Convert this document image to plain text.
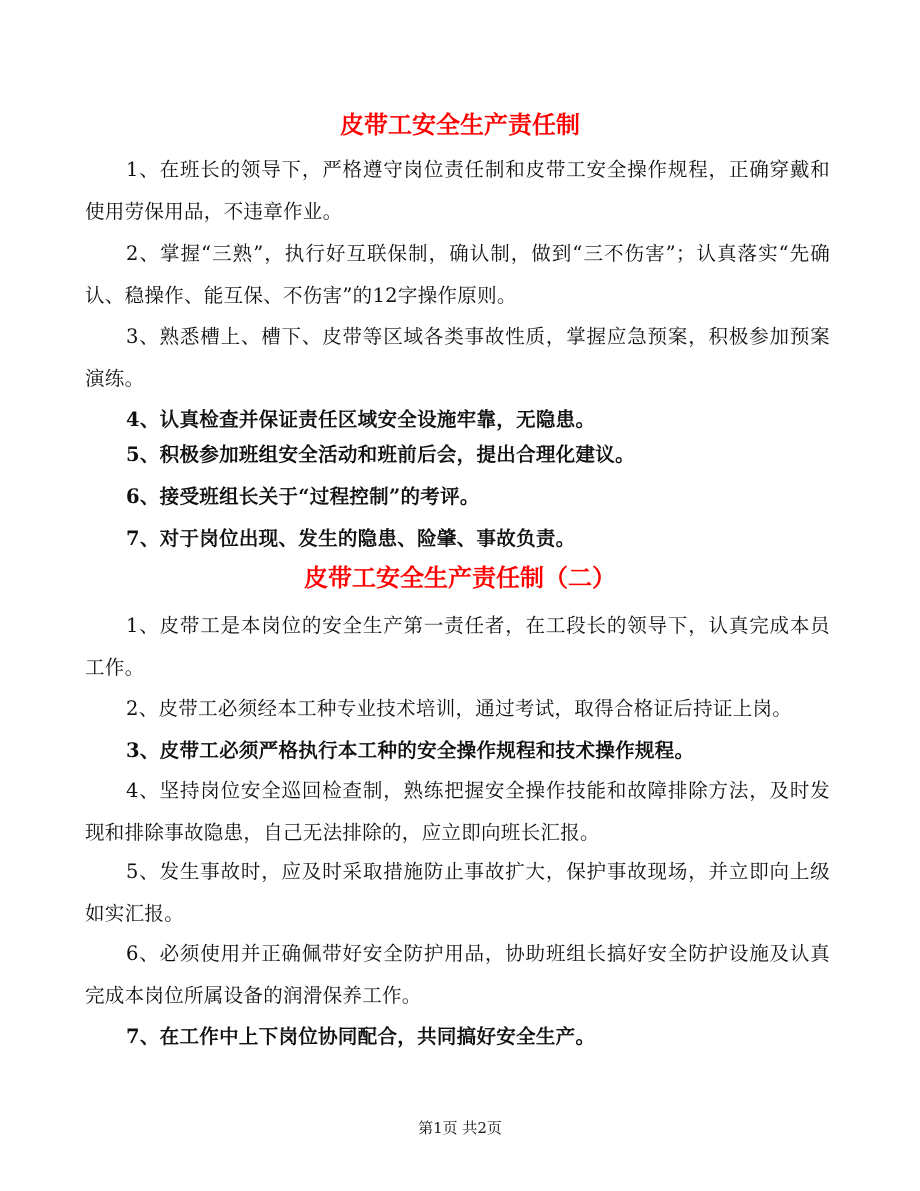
皮带工安全生产责任制

1、在班长的领导下，严格遵守岗位责任制和皮带工安全操作规程，正确穿戴和使用劳保用品，不违章作业。

2、掌握“三熟”，执行好互联保制，确认制，做到“三不伤害”；认真落实“先确认、稳操作、能互保、不伤害”的12字操作原则。

3、熟悉槽上、槽下、皮带等区域各类事故性质，掌握应急预案，积极参加预案演练。

4、认真检查并保证责任区域安全设施牢靠，无隐患。

5、积极参加班组安全活动和班前后会，提出合理化建议。

6、接受班组长关于“过程控制”的考评。

7、对于岗位出现、发生的隐患、险肇、事故负责。

皮带工安全生产责任制（二）

1、皮带工是本岗位的安全生产第一责任者，在工段长的领导下，认真完成本员工作。

2、皮带工必须经本工种专业技术培训，通过考试，取得合格证后持证上岗。

3、皮带工必须严格执行本工种的安全操作规程和技术操作规程。

4、坚持岗位安全巡回检查制，熟练把握安全操作技能和故障排除方法，及时发现和排除事故隐患，自己无法排除的，应立即向班长汇报。

5、发生事故时，应及时采取措施防止事故扩大，保护事故现场，并立即向上级如实汇报。

6、必须使用并正确佩带好安全防护用品，协助班组长搞好安全防护设施及认真完成本岗位所属设备的润滑保养工作。

7、在工作中上下岗位协同配合，共同搞好安全生产。

第1页 共2页
